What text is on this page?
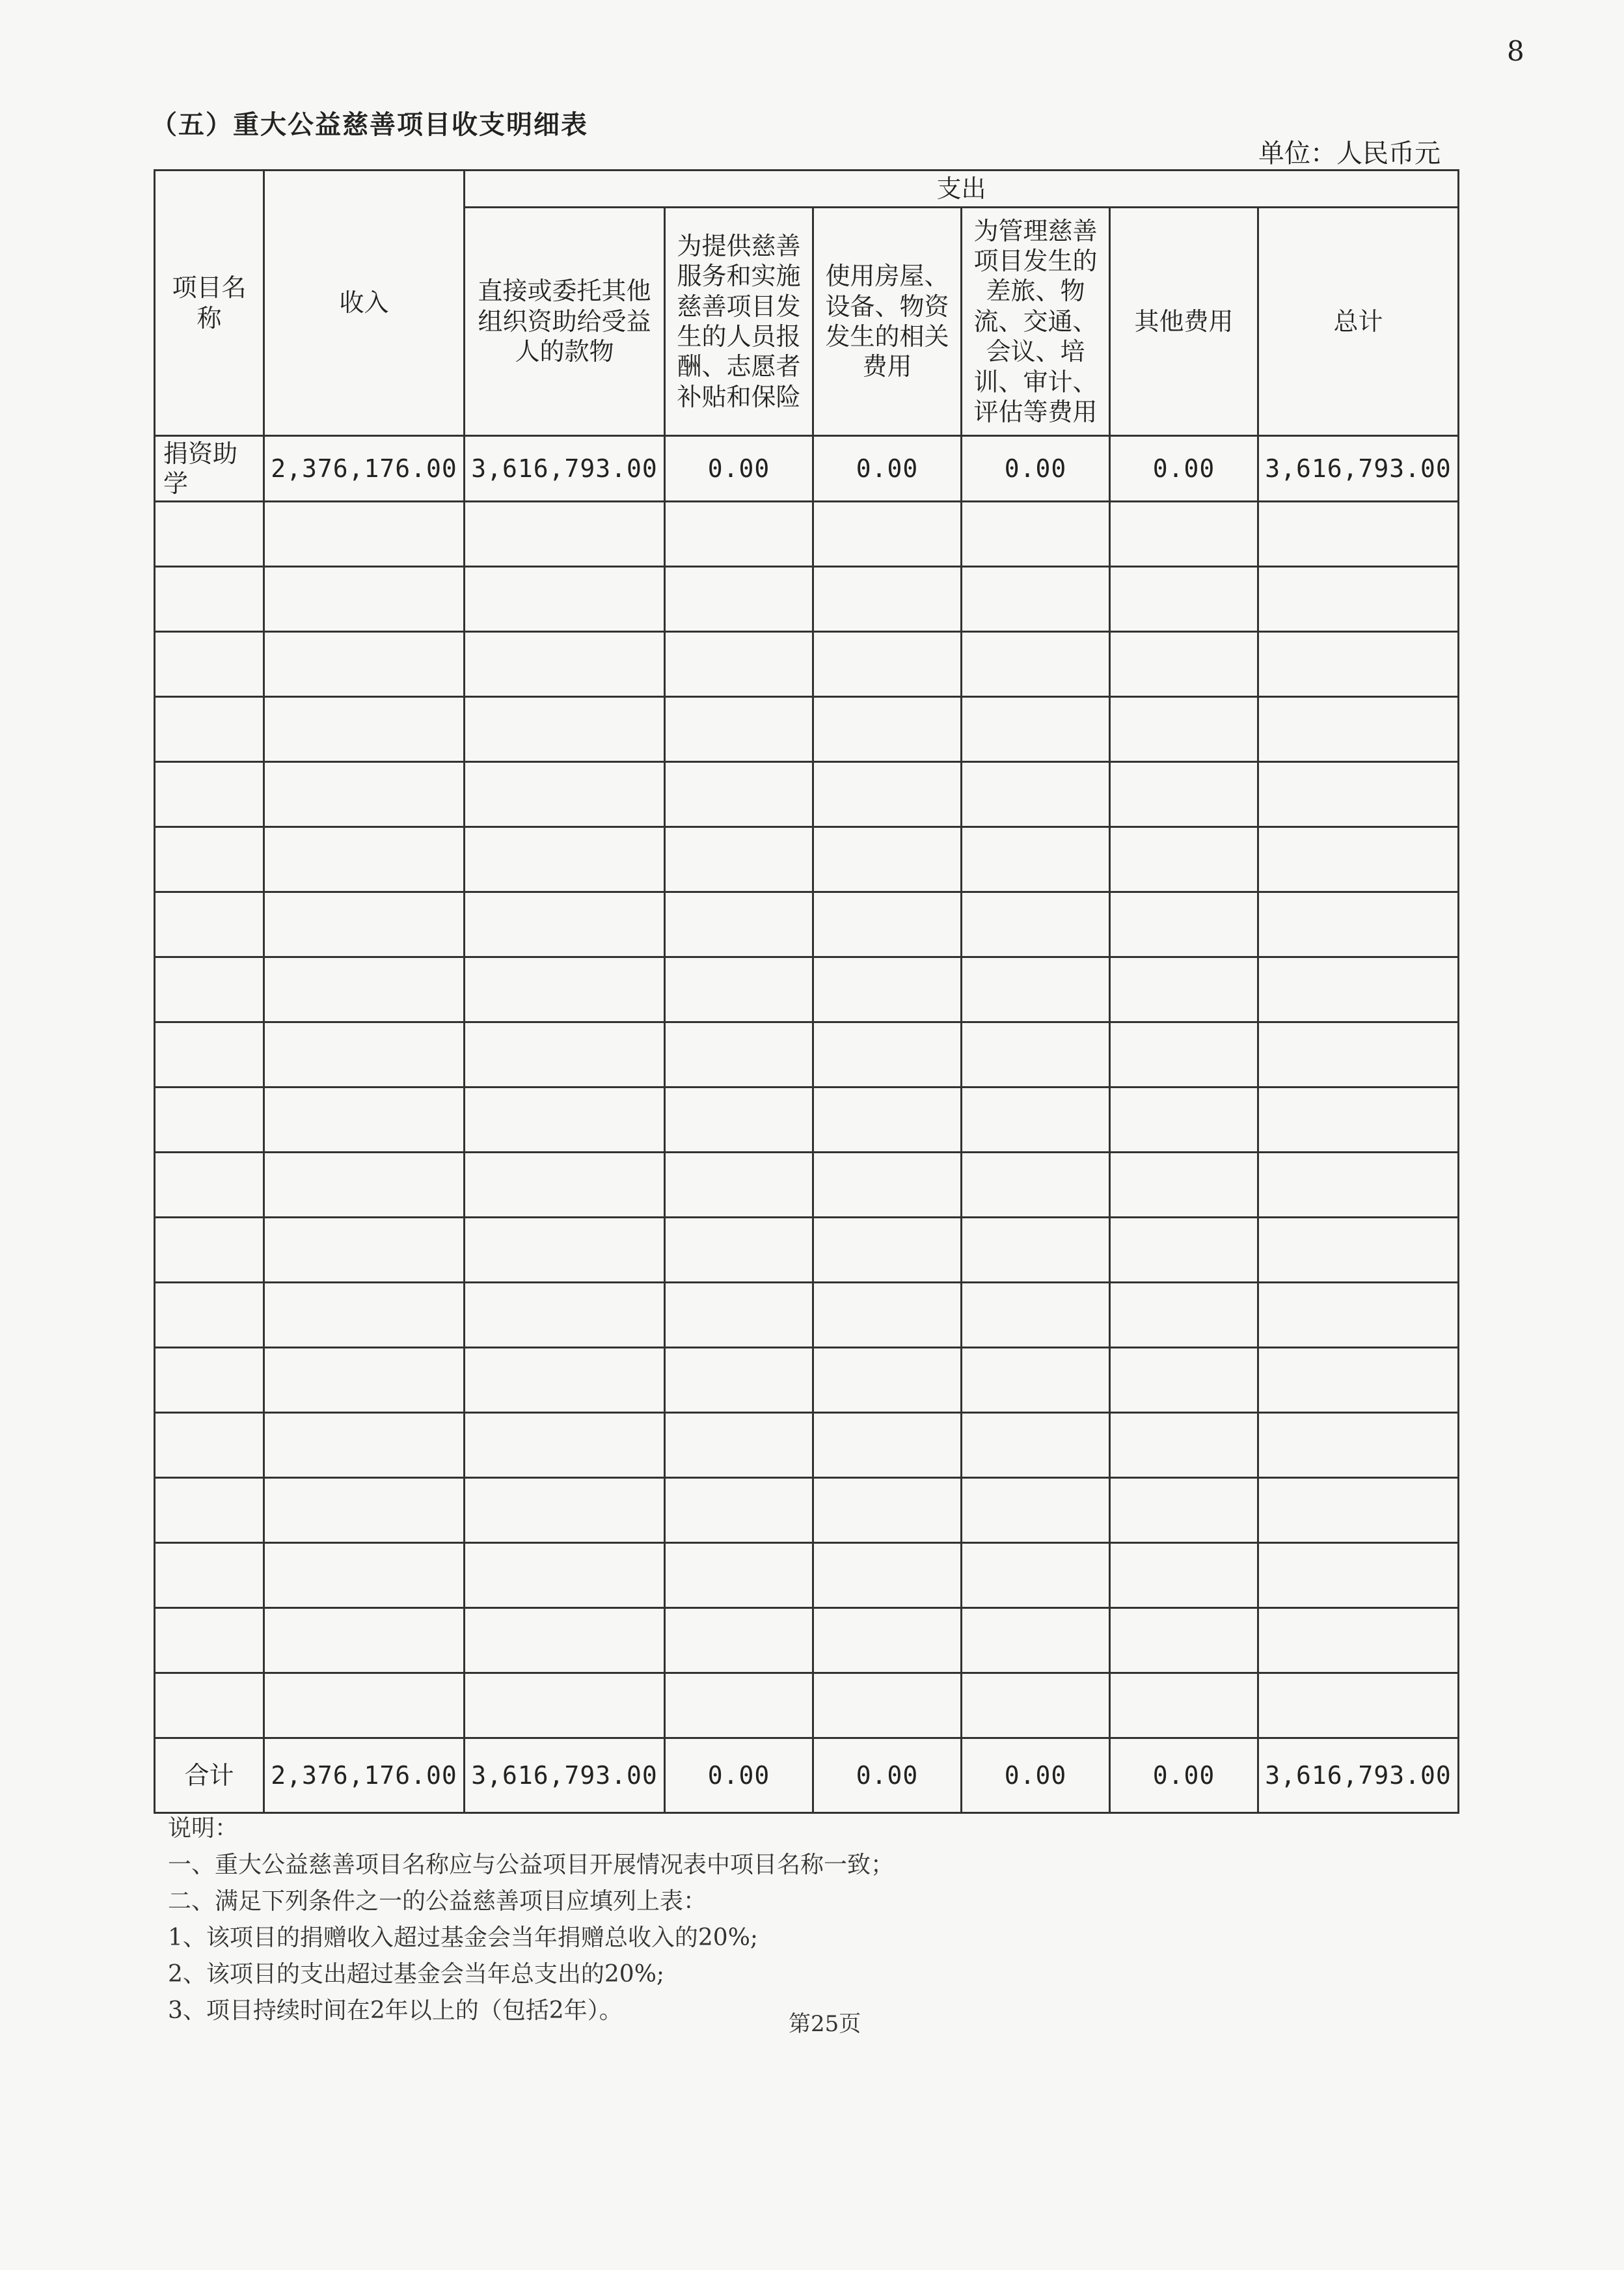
8
（五）重大公益慈善项目收支明细表
单位：人民币元
项目名称	收入	支出					
		直接或委托其他组织资助给受益人的款物	为提供慈善服务和实施慈善项目发生的人员报酬、志愿者补贴和保险	使用房屋、设备、物资发生的相关费用	为管理慈善项目发生的差旅、物流、交通、会议、培训、审计、评估等费用	其他费用	总计
捐资助学	2,376,176.00	3,616,793.00	0.00	0.00	0.00	0.00	3,616,793.00

合计	2,376,176.00	3,616,793.00	0.00	0.00	0.00	0.00	3,616,793.00
说明：
一、重大公益慈善项目名称应与公益项目开展情况表中项目名称一致；
二、满足下列条件之一的公益慈善项目应填列上表：
1、该项目的捐赠收入超过基金会当年捐赠总收入的20%;
2、该项目的支出超过基金会当年总支出的20%;
3、项目持续时间在2年以上的（包括2年）。	第25页
